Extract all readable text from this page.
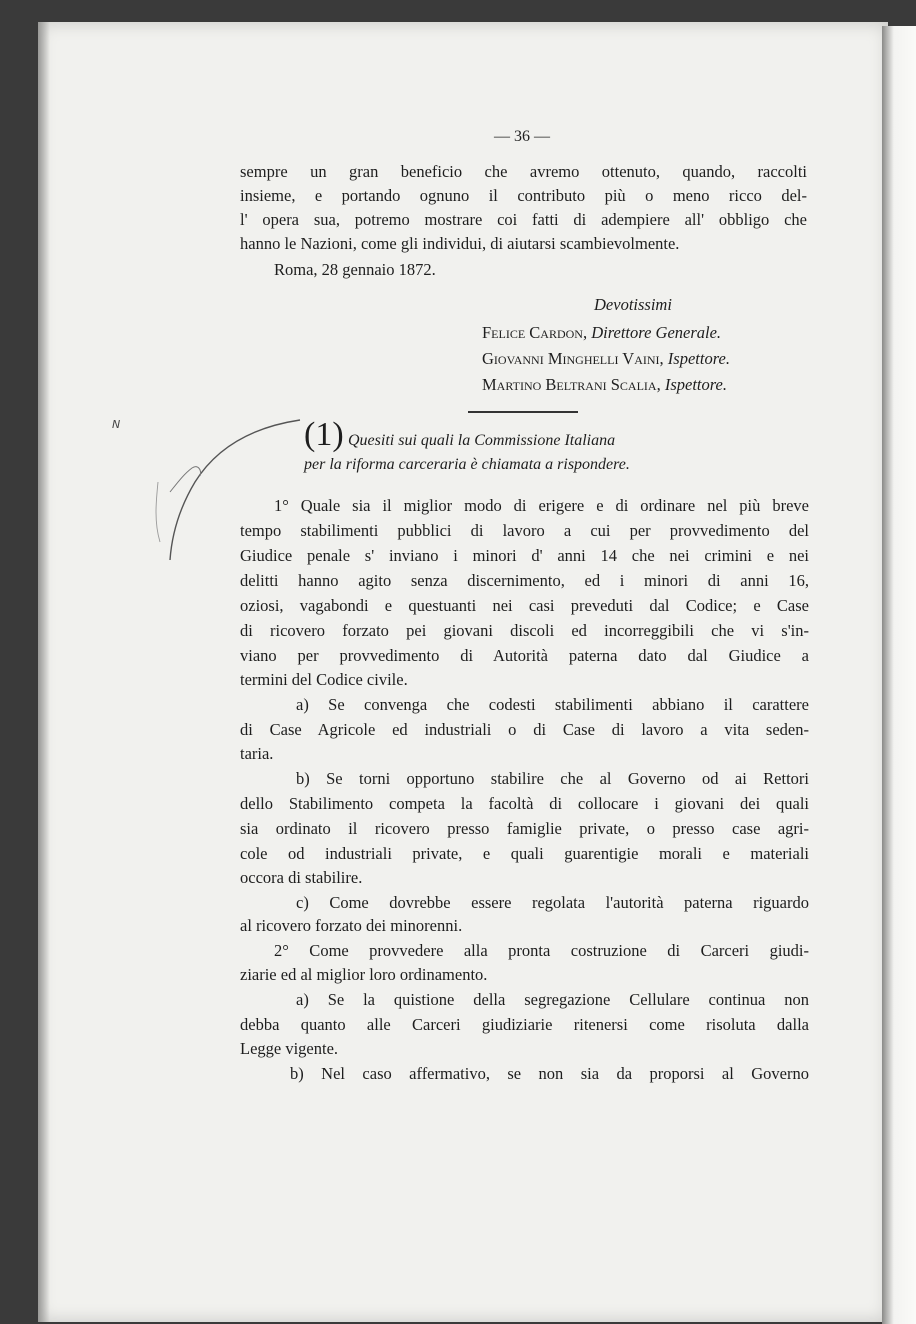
— 36 —
sempre un gran beneficio che avremo ottenuto, quando, raccolti
insieme, e portando ognuno il contributo più o meno ricco del-
l' opera sua, potremo mostrare coi fatti di adempiere all' obbligo che
hanno le Nazioni, come gli individui, di aiutarsi scambievolmente.
Roma, 28 gennaio 1872.
Devotissimi
Felice Cardon, Direttore Generale.
Giovanni Minghelli Vaini, Ispettore.
Martino Beltrani Scalia, Ispettore.
N	(1) Quesiti sui quali la Commissione Italiana
per la riforma carceraria è chiamata a rispondere.
1° Quale sia il miglior modo di erigere e di ordinare nel più breve
tempo stabilimenti pubblici di lavoro a cui per provvedimento del
Giudice penale s' inviano i minori d' anni 14 che nei crimini e nei
delitti hanno agito senza discernimento, ed i minori di anni 16,
oziosi, vagabondi e questuanti nei casi preveduti dal Codice; e Case
di ricovero forzato pei giovani discoli ed incorreggibili che vi s'in-
viano per provvedimento di Autorità paterna dato dal Giudice a
termini del Codice civile.
a) Se convenga che codesti stabilimenti abbiano il carattere
di Case Agricole ed industriali o di Case di lavoro a vita seden-
taria.
b) Se torni opportuno stabilire che al Governo od ai Rettori
dello Stabilimento competa la facoltà di collocare i giovani dei quali
sia ordinato il ricovero presso famiglie private, o presso case agri-
cole od industriali private, e quali guarentigie morali e materiali
occora di stabilire.
c) Come dovrebbe essere regolata l'autorità paterna riguardo
al ricovero forzato dei minorenni.
2° Come provvedere alla pronta costruzione di Carceri giudi-
ziarie ed al miglior loro ordinamento.
a) Se la quistione della segregazione Cellulare continua non
debba quanto alle Carceri giudiziarie ritenersi come risoluta dalla
Legge vigente.
b) Nel caso affermativo, se non sia da proporsi al Governo
